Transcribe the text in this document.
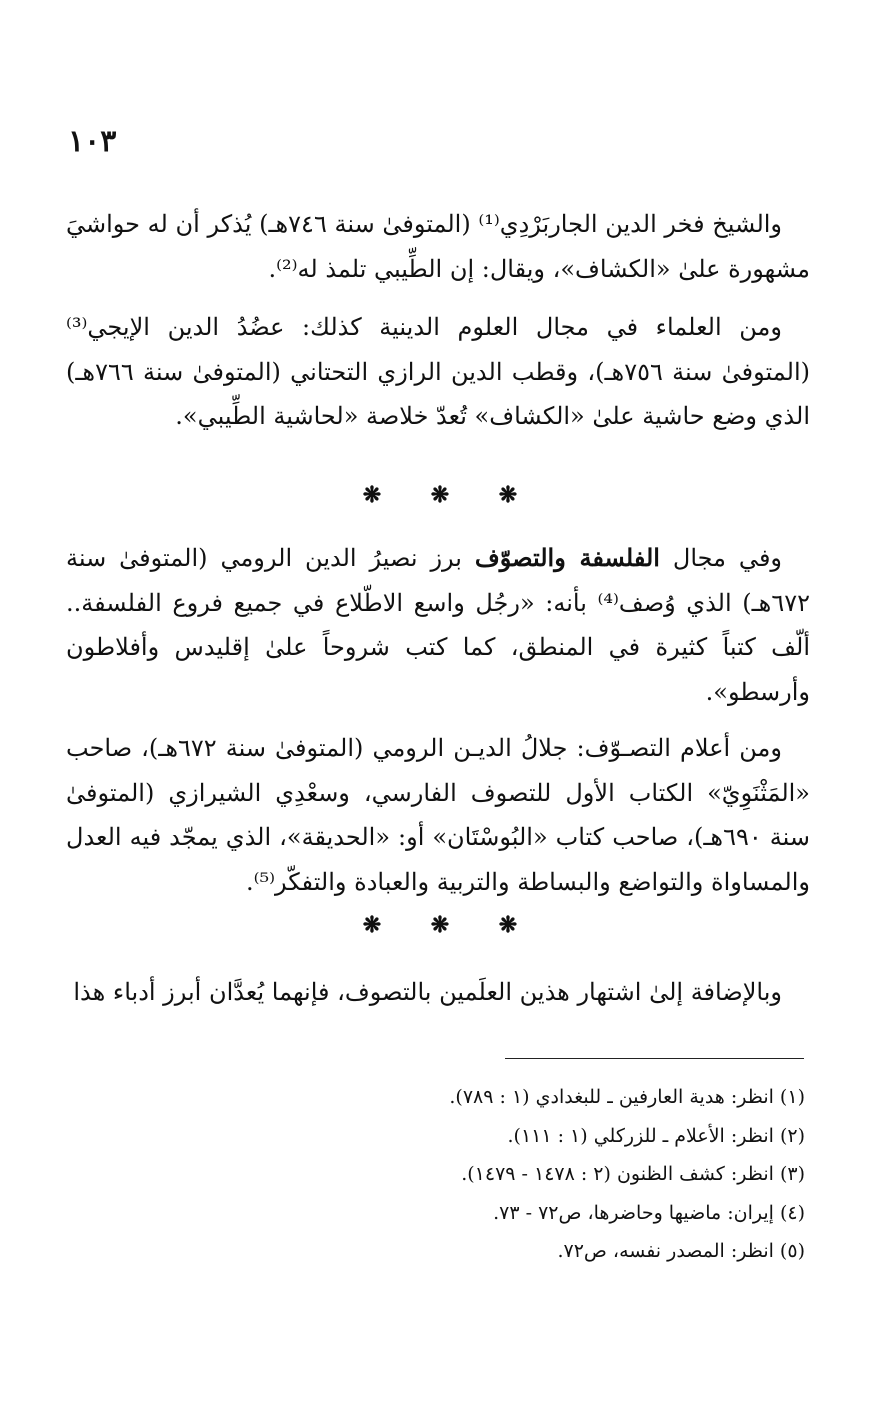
١٠٣

والشيخ فخر الدين الجاربَرْدِي⁽¹⁾ (المتوفىٰ سنة ٧٤٦هـ) يُذكر أن له حواشيَ مشهورة علىٰ «الكشاف»، ويقال: إن الطِّيبي تلمذ له⁽²⁾.

ومن العلماء في مجال العلوم الدينية كذلك: عضُدُ الدين الإيجي⁽³⁾ (المتوفىٰ سنة ٧٥٦هـ)، وقطب الدين الرازي التحتاني (المتوفىٰ سنة ٧٦٦هـ) الذي وضع حاشية علىٰ «الكشاف» تُعدّ خلاصة «لحاشية الطِّيبي».

❋ ❋ ❋

وفي مجال الفلسفة والتصوّف برز نصيرُ الدين الرومي (المتوفىٰ سنة ٦٧٢هـ) الذي وُصف⁽⁴⁾ بأنه: «رجُل واسع الاطّلاع في جميع فروع الفلسفة.. ألّف كتباً كثيرة في المنطق، كما كتب شروحاً علىٰ إقليدس وأفلاطون وأرسطو».

ومن أعلام التصـوّف: جلالُ الديـن الرومي (المتوفىٰ سنة ٦٧٢هـ)، صاحب «المَثْنَوِيّ» الكتاب الأول للتصوف الفارسي، وسعْدِي الشيرازي (المتوفىٰ سنة ٦٩٠هـ)، صاحب كتاب «البُوسْتَان» أو: «الحديقة»، الذي يمجّد فيه العدل والمساواة والتواضع والبساطة والتربية والعبادة والتفكّر⁽⁵⁾.

❋ ❋ ❋

وبالإضافة إلىٰ اشتهار هذين العلَمين بالتصوف، فإنهما يُعدَّان أبرز أدباء هذا

(١) انظر: هدية العارفين ـ للبغدادي (١ : ٧٨٩).
(٢) انظر: الأعلام ـ للزركلي (١ : ١١١).
(٣) انظر: كشف الظنون (٢ : ١٤٧٨ - ١٤٧٩).
(٤) إيران: ماضيها وحاضرها، ص٧٢ - ٧٣.
(٥) انظر: المصدر نفسه، ص٧٢.
